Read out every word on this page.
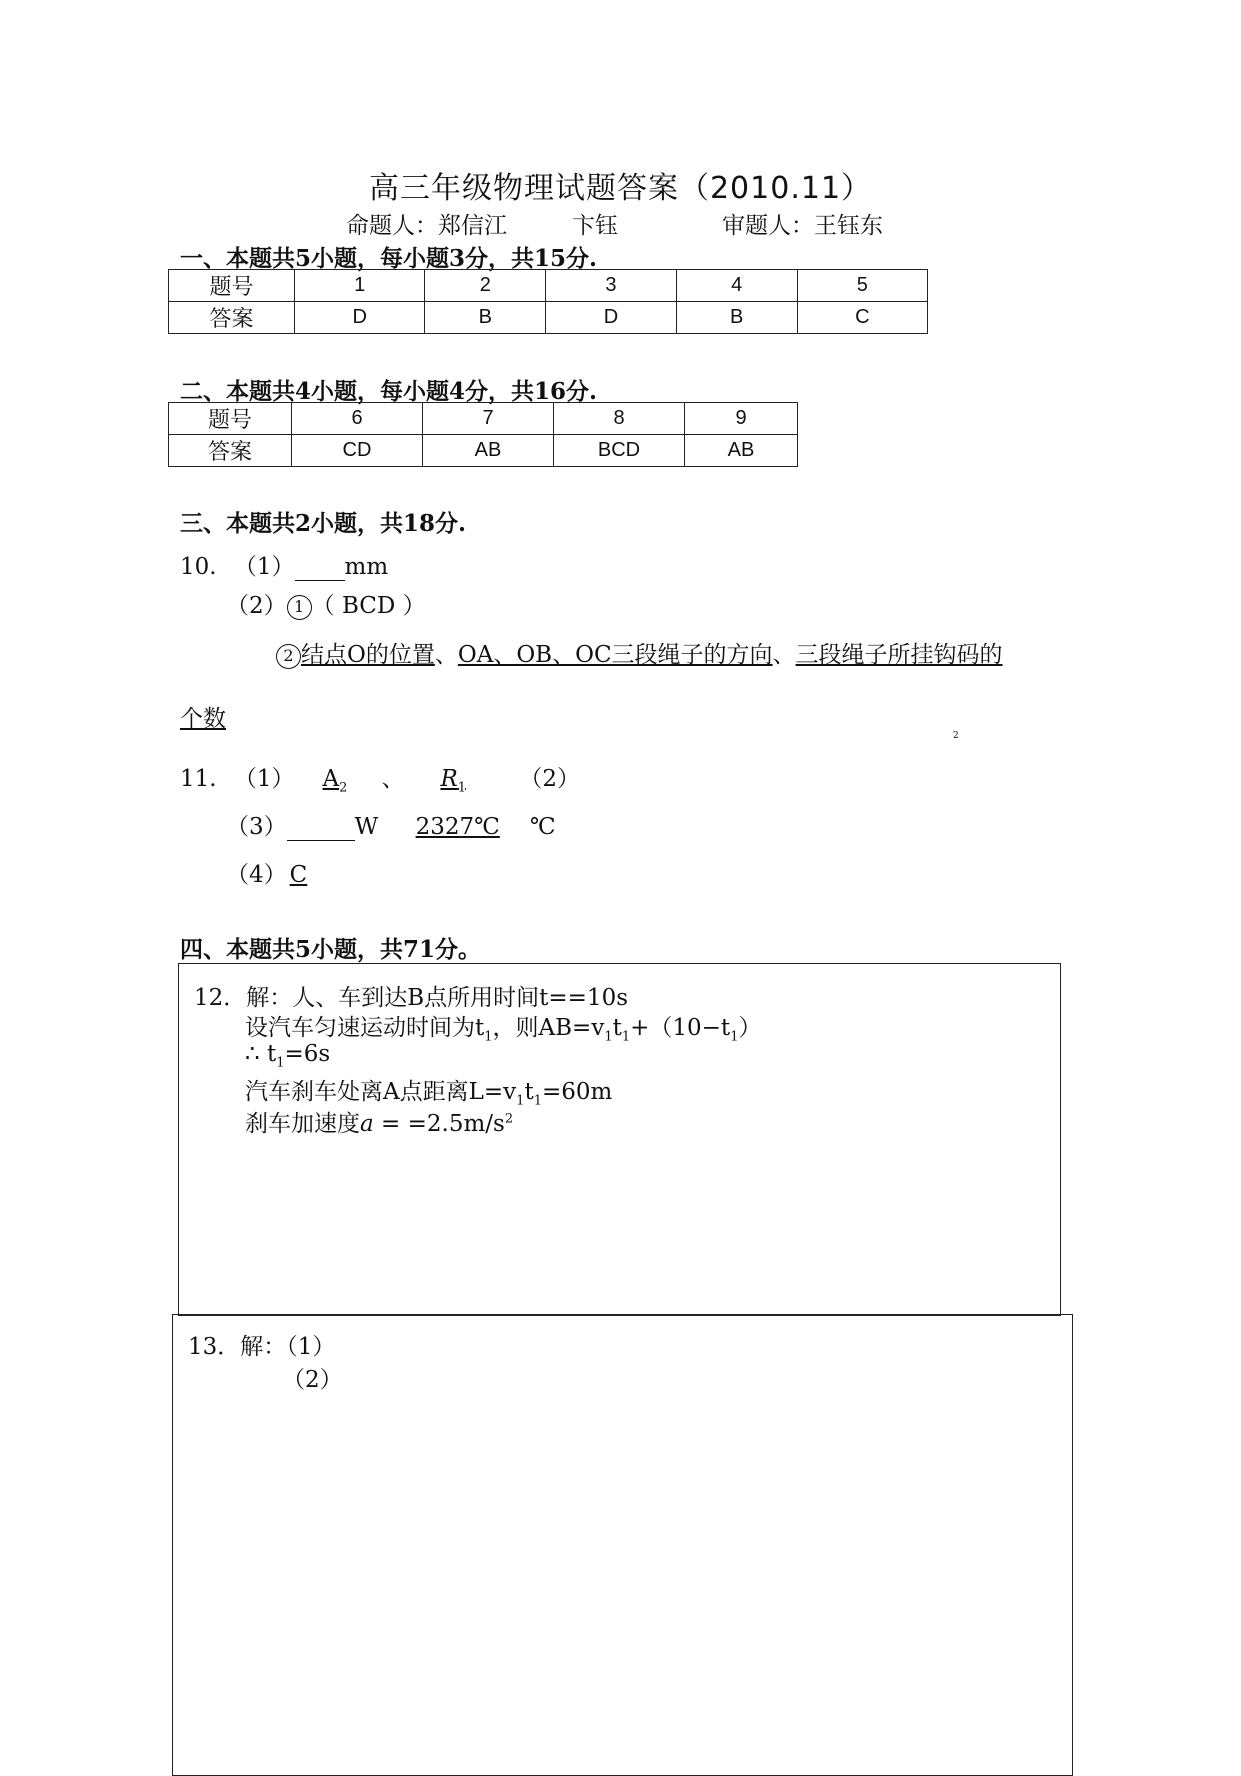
高三年级物理试题答案（2010.11）
命题人：郑信江	卞钰	审题人：王钰东
一、本题共5小题，每小题3分，共15分.
题号	1	2	3	4	5
答案	D	B	D	B	C
二、本题共4小题，每小题4分，共16分.
题号	6	7	8	9
答案	CD	AB	BCD	AB
三、本题共2小题，共18分.
10. （1） mm
（2） 1 （ BCD ）
2 结点O的位置、OA、OB、OC三段绳子的方向、三段绳子所挂钩码的
个数
2
11. （1） $A_2$ 、 $R_1$ （2）
（3）	W 2327℃ ℃
（4） C
四、本题共5小题，共71分。
12．解：人、车到达B点所用时间t==10s
设汽车匀速运动时间为$t_1$，则$AB=v_1t_1+(10-t_1)$
∴ $t_1=6s$
汽车刹车处离A点距离$L=v_1t_1=60m$
刹车加速度$a = =2.5m/s^2$
13．解：（1）
（2）
